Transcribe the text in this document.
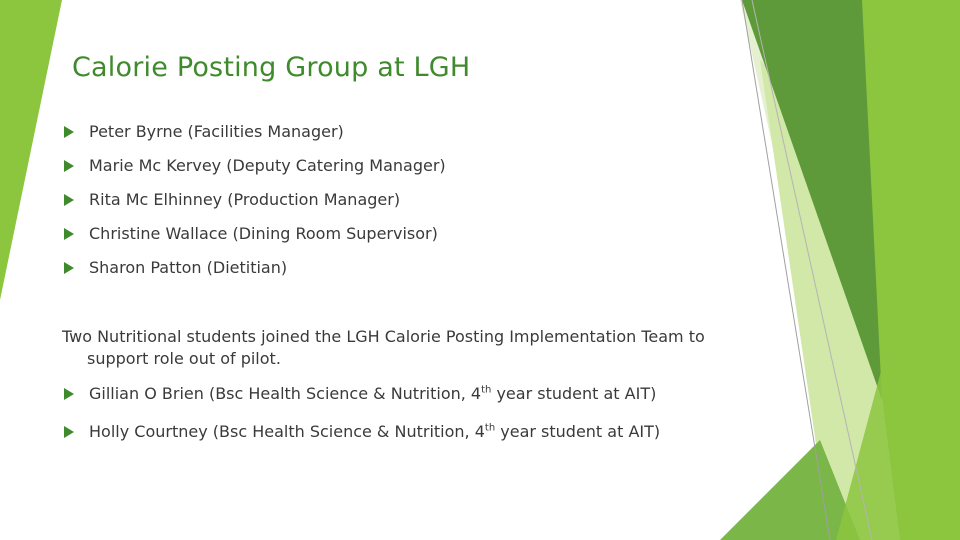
Calorie Posting Group at LGH
Peter Byrne (Facilities Manager)
Marie Mc Kervey (Deputy Catering Manager)
Rita Mc Elhinney (Production Manager)
Christine Wallace (Dining Room Supervisor)
Sharon Patton (Dietitian)
Two Nutritional students joined the LGH Calorie Posting Implementation Team to support role out of pilot.
Gillian O Brien (Bsc Health Science & Nutrition, 4th year student at AIT)
Holly Courtney (Bsc Health Science & Nutrition, 4th year student at AIT)
